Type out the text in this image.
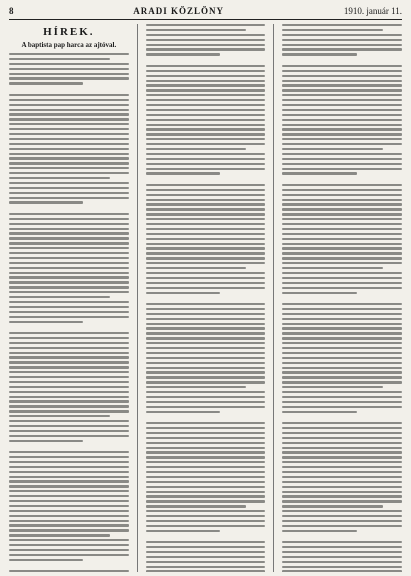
8	ARADI KÖZLÖNY	1910. január 11.
HÍREK.
A baptista pap harca az ajtóval.
